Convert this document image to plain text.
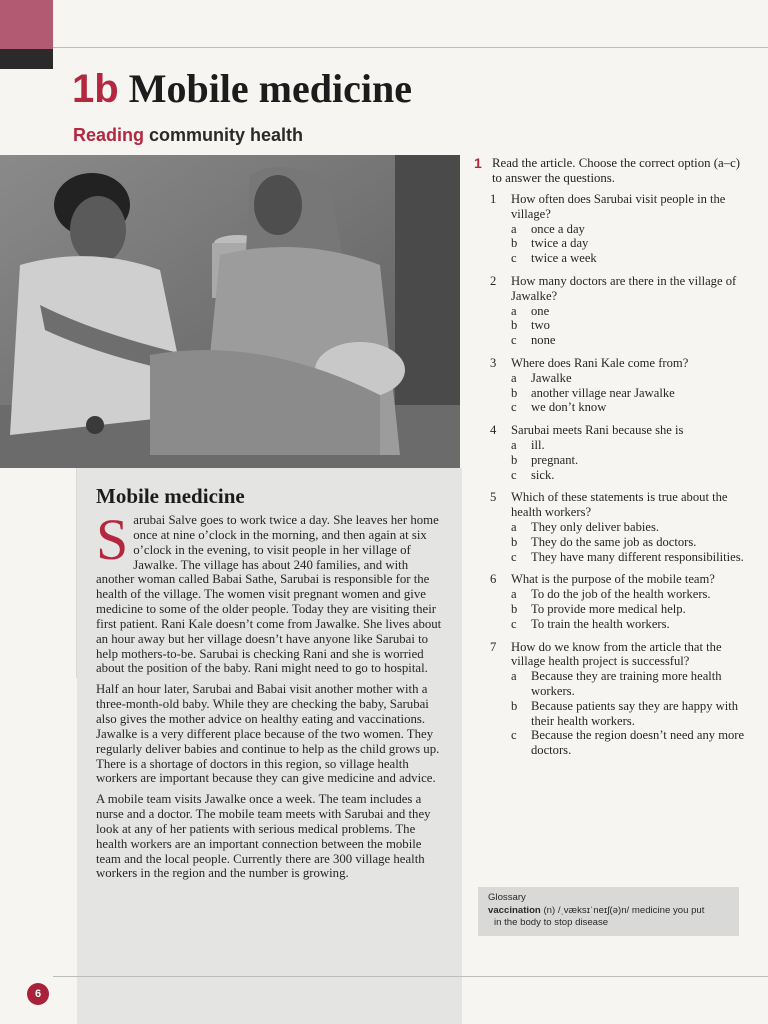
1b Mobile medicine
Reading community health
Mobile medicine

Sarubai Salve goes to work twice a day. She leaves her home once at nine o’clock in the morning, and then again at six o’clock in the evening, to visit people in her village of Jawalke. The village has about 240 families, and with another woman called Babai Sathe, Sarubai is responsible for the health of the village. The women visit pregnant women and give medicine to some of the older people. Today they are visiting their first patient. Rani Kale doesn’t come from Jawalke. She lives about an hour away but her village doesn’t have anyone like Sarubai to help mothers-to-be. Sarubai is checking Rani and she is worried about the position of the baby. Rani might need to go to hospital.

Half an hour later, Sarubai and Babai visit another mother with a three-month-old baby. While they are checking the baby, Sarubai also gives the mother advice on healthy eating and vaccinations. Jawalke is a very different place because of the two women. They regularly deliver babies and continue to help as the child grows up. There is a shortage of doctors in this region, so village health workers are important because they can give medicine and advice.

A mobile team visits Jawalke once a week. The team includes a nurse and a doctor. The mobile team meets with Sarubai and they look at any of her patients with serious medical problems. The health workers are an important connection between the mobile team and the local people. Currently there are 300 village health workers in the region and the number is growing.

1 Read the article. Choose the correct option (a–c) to answer the questions.
1 How often does Sarubai visit people in the village?
a once a day
b twice a day
c twice a week
2 How many doctors are there in the village of Jawalke?
a one
b two
c none
3 Where does Rani Kale come from?
a Jawalke
b another village near Jawalke
c we don’t know
4 Sarubai meets Rani because she is
a ill.
b pregnant.
c sick.
5 Which of these statements is true about the health workers?
a They only deliver babies.
b They do the same job as doctors.
c They have many different responsibilities.
6 What is the purpose of the mobile team?
a To do the job of the health workers.
b To provide more medical help.
c To train the health workers.
7 How do we know from the article that the village health project is successful?
a Because they are training more health workers.
b Because patients say they are happy with their health workers.
c Because the region doesn’t need any more doctors.
Glossary
vaccination (n) /ˌvæksɪˈneɪʃ(ə)n/ medicine you put
in the body to stop disease
6
